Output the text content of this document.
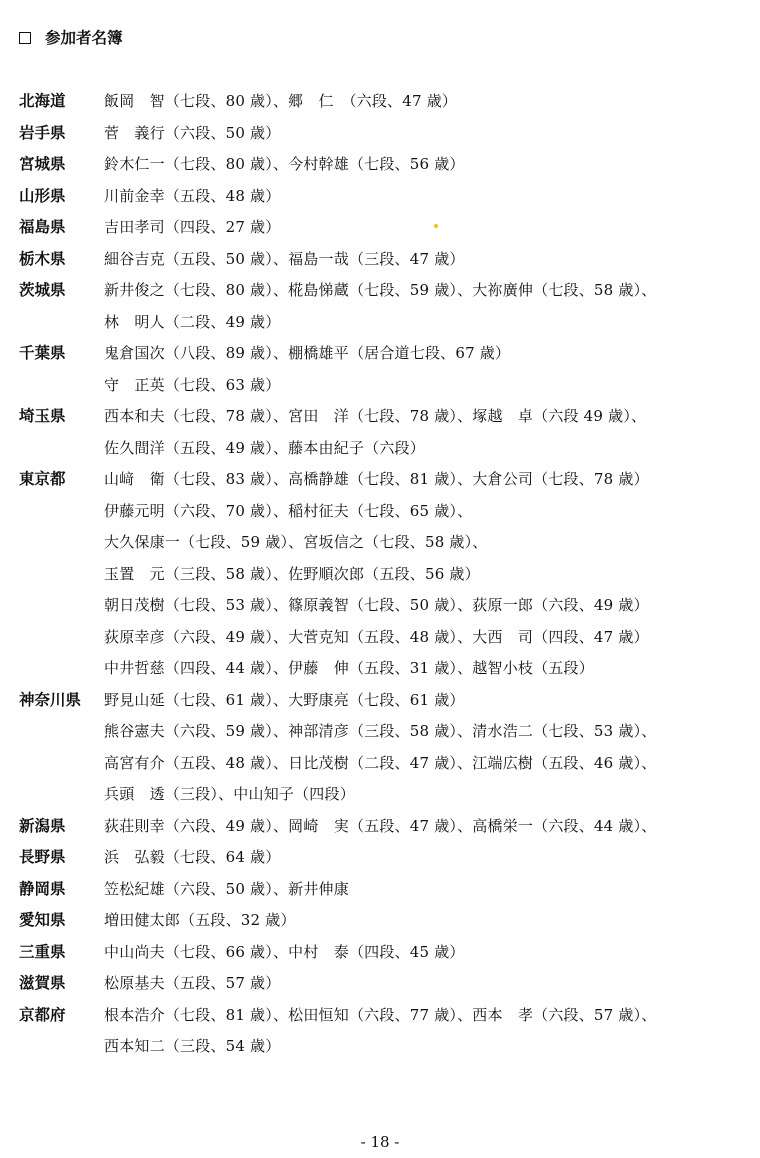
参加者名簿
北海道	飯岡　智（七段、80 歳）、郷　仁　（六段、47 歳）
岩手県	菅　義行（六段、50 歳）
宮城県	鈴木仁一（七段、80 歳）、今村幹雄（七段、56 歳）
山形県	川前金幸（五段、48 歳）
福島県	吉田孝司（四段、27 歳）
栃木県	細谷吉克（五段、50 歳）、福島一哉（三段、47 歳）
茨城県	新井俊之（七段、80 歳）、椛島悌蔵（七段、59 歳）、大祢廣伸（七段、58 歳）、
林　明人（二段、49 歳）
千葉県	鬼倉国次（八段、89 歳）、棚橋雄平（居合道七段、67 歳）
守　正英（七段、63 歳）
埼玉県	西本和夫（七段、78 歳）、宮田　洋（七段、78 歳）、塚越　卓（六段 49 歳）、
佐久間洋（五段、49 歳）、藤本由紀子（六段）
東京都	山﨑　衛（七段、83 歳）、高橋静雄（七段、81 歳）、大倉公司（七段、78 歳）
伊藤元明（六段、70 歳）、稲村征夫（七段、65 歳）、
大久保康一（七段、59 歳）、宮坂信之（七段、58 歳）、
玉置　元（三段、58 歳）、佐野順次郎（五段、56 歳）
朝日茂樹（七段、53 歳）、篠原義智（七段、50 歳）、荻原一郎（六段、49 歳）
荻原幸彦（六段、49 歳）、大菅克知（五段、48 歳）、大西　司（四段、47 歳）
中井哲慈（四段、44 歳）、伊藤　伸（五段、31 歳）、越智小枝（五段）
神奈川県 野見山延（七段、61 歳）、大野康亮（七段、61 歳）
熊谷憲夫（六段、59 歳）、神部清彦（三段、58 歳）、清水浩二（七段、53 歳）、
高宮有介（五段、48 歳）、日比茂樹（二段、47 歳）、江端広樹（五段、46 歳）、
兵頭　透（三段）、中山知子（四段）
新潟県	荻荘則幸（六段、49 歳）、岡崎　実（五段、47 歳）、高橋栄一（六段、44 歳）、
長野県	浜　弘毅（七段、64 歳）
静岡県	笠松紀雄（六段、50 歳）、新井伸康
愛知県	増田健太郎（五段、32 歳）
三重県	中山尚夫（七段、66 歳）、中村　泰（四段、45 歳）
滋賀県	松原基夫（五段、57 歳）
京都府	根本浩介（七段、81 歳）、松田恒知（六段、77 歳）、西本　孝（六段、57 歳）、
西本知二（三段、54 歳）
- 18 -
